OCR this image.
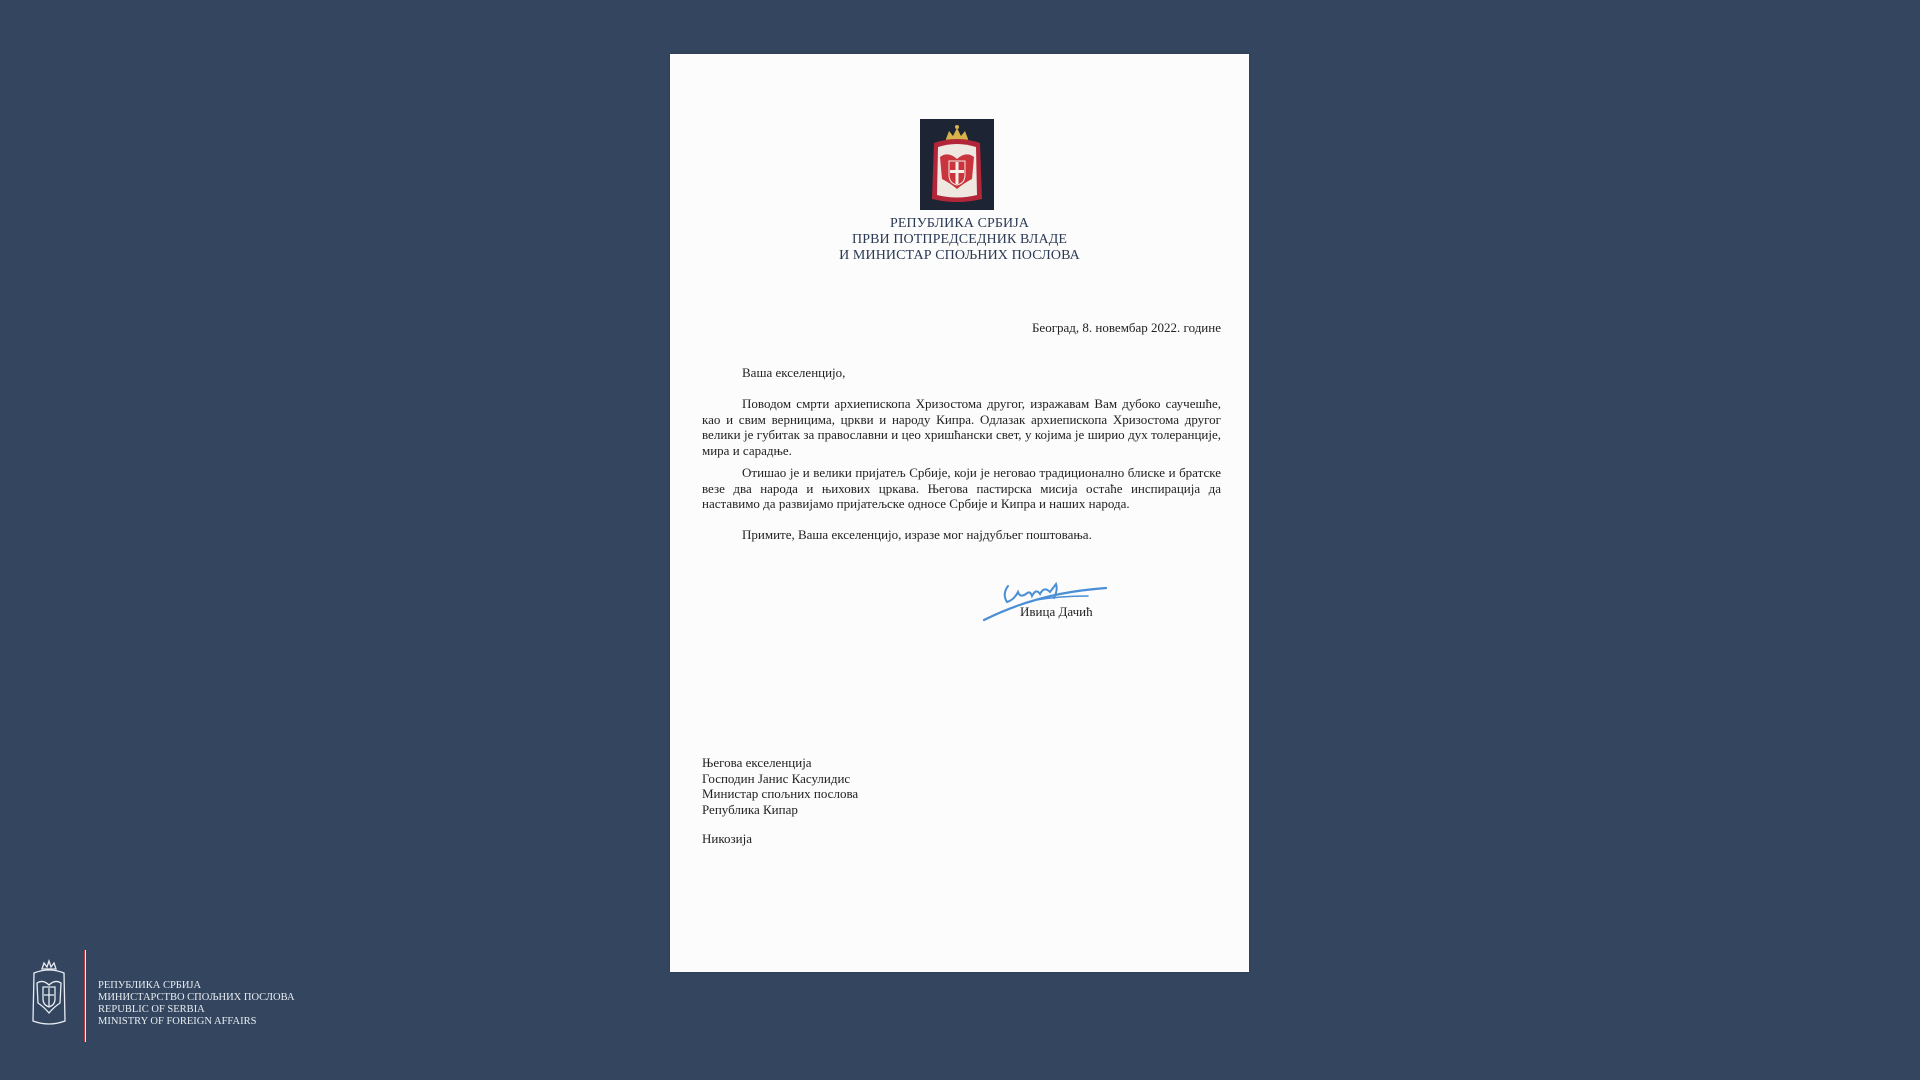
РЕПУБЛИКА СРБИЈА
ПРВИ ПОТПРЕДСЕДНИК ВЛАДЕ
И МИНИСТАР СПОЉНИХ ПОСЛОВА
Београд, 8. новембар 2022. године
Ваша екселенцијо,

Поводом смрти архиепископа Хризостома другог, изражавам Вам дубоко саучешће, као и свим верницима, цркви и народу Кипра. Одлазак архиепископа Хризостома другог велики је губитак за православни и цео хришћански свет, у којима је ширио дух толеранције, мира и сарадње.

Отишао је и велики пријатељ Србије, који је неговао традиционално блиске и братске везе два народа и њихових цркава. Његова пастирска мисија остаће инспирација да наставимо да развијамо пријатељске односе Србије и Кипра и наших народа.

Примите, Ваша екселенцијо, изразе мог најдубљег поштовања.
Ивица Дачић
Његова екселенција
Господин Јанис Касулидис
Министар спољних послова
Република Кипар
Никозија
РЕПУБЛИКА СРБИЈА
МИНИСТАРСТВО СПОЉНИХ ПОСЛОВА
REPUBLIC OF SERBIA
MINISTRY OF FOREIGN AFFAIRS
